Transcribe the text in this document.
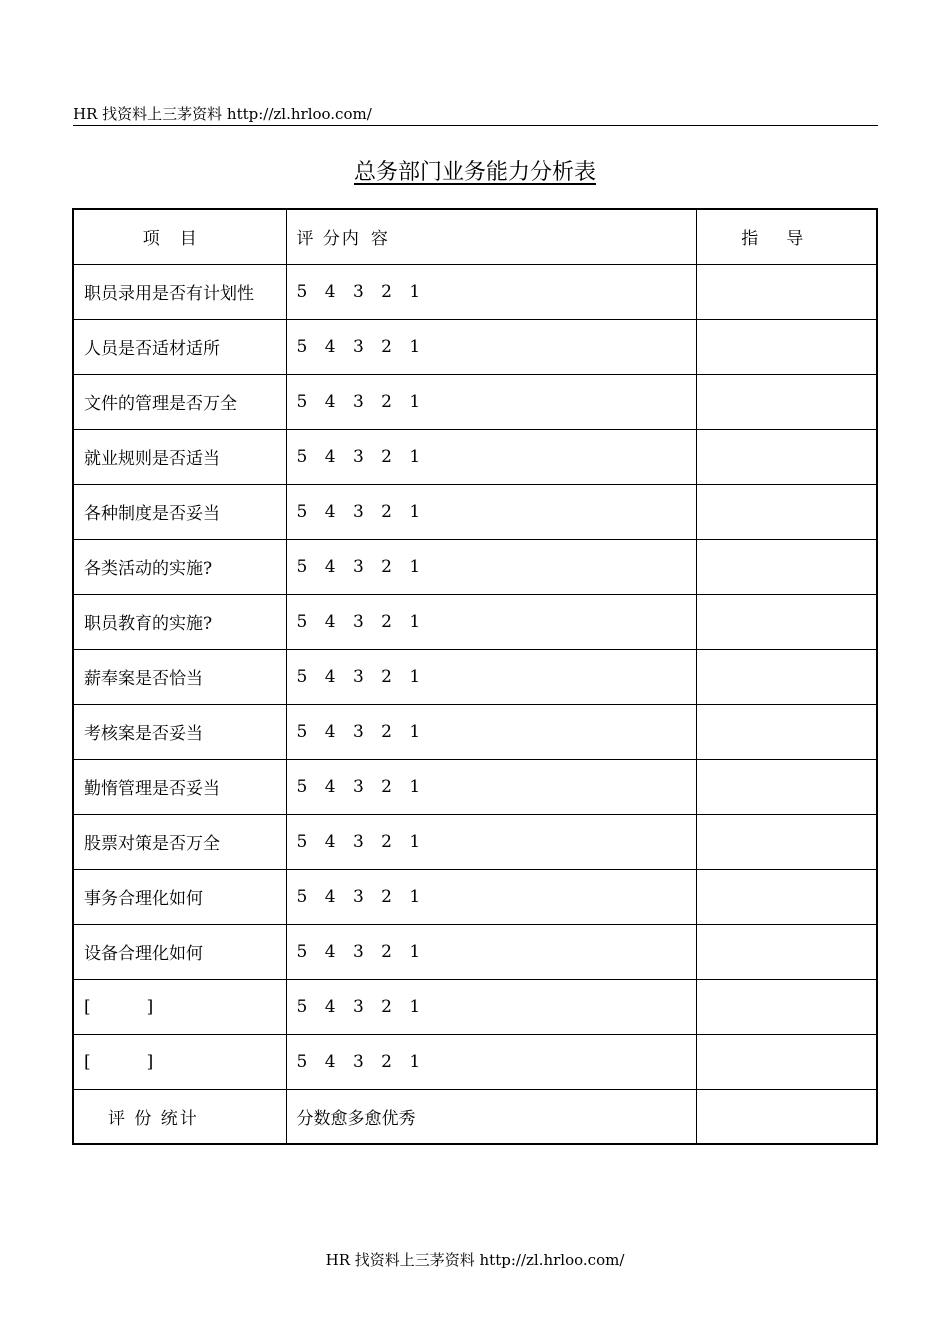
HR 找资料上三茅资料 http://zl.hrloo.com/
总务部门业务能力分析表
项目	评 分内容	指导
职员录用是否有计划性	5 4 3 2 1	
人员是否适材适所	5 4 3 2 1	
文件的管理是否万全	5 4 3 2 1	
就业规则是否适当	5 4 3 2 1	
各种制度是否妥当	5 4 3 2 1	
各类活动的实施?	5 4 3 2 1	
职员教育的实施?	5 4 3 2 1	
薪奉案是否恰当	5 4 3 2 1	
考核案是否妥当	5 4 3 2 1	
勤惰管理是否妥当	5 4 3 2 1	
股票对策是否万全	5 4 3 2 1	
事务合理化如何	5 4 3 2 1	
设备合理化如何	5 4 3 2 1	
[ ]	5 4 3 2 1	
[ ]	5 4 3 2 1	
评 份 统计	分数愈多愈优秀	
HR 找资料上三茅资料 http://zl.hrloo.com/
